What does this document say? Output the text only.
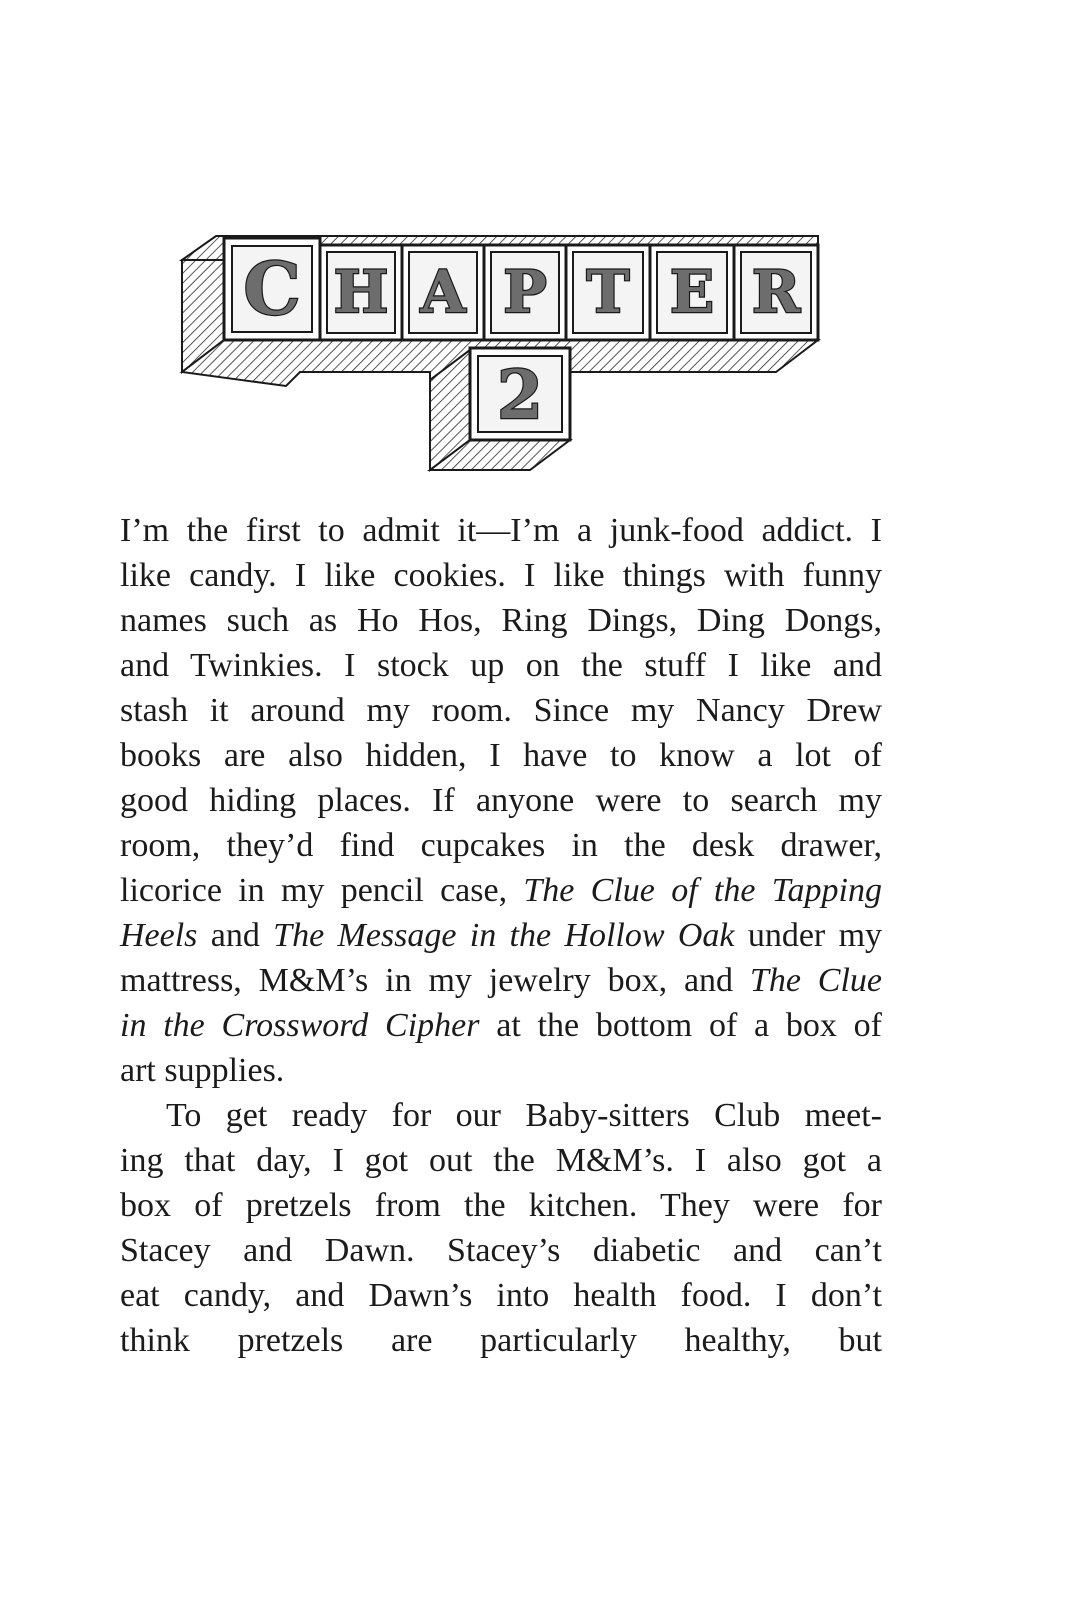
C H A P T E R
2
I’m the first to admit it—I’m a junk-food addict. I
like candy. I like cookies. I like things with funny
names such as Ho Hos, Ring Dings, Ding Dongs,
and Twinkies. I stock up on the stuff I like and
stash it around my room. Since my Nancy Drew
books are also hidden, I have to know a lot of
good hiding places. If anyone were to search my
room, they’d find cupcakes in the desk drawer,
licorice in my pencil case, The Clue of the Tapping
Heels and The Message in the Hollow Oak under my
mattress, M&M’s in my jewelry box, and The Clue
in the Crossword Cipher at the bottom of a box of
art supplies.
To get ready for our Baby-sitters Club meet-
ing that day, I got out the M&M’s. I also got a
box of pretzels from the kitchen. They were for
Stacey and Dawn. Stacey’s diabetic and can’t
eat candy, and Dawn’s into health food. I don’t
think pretzels are particularly healthy, but
